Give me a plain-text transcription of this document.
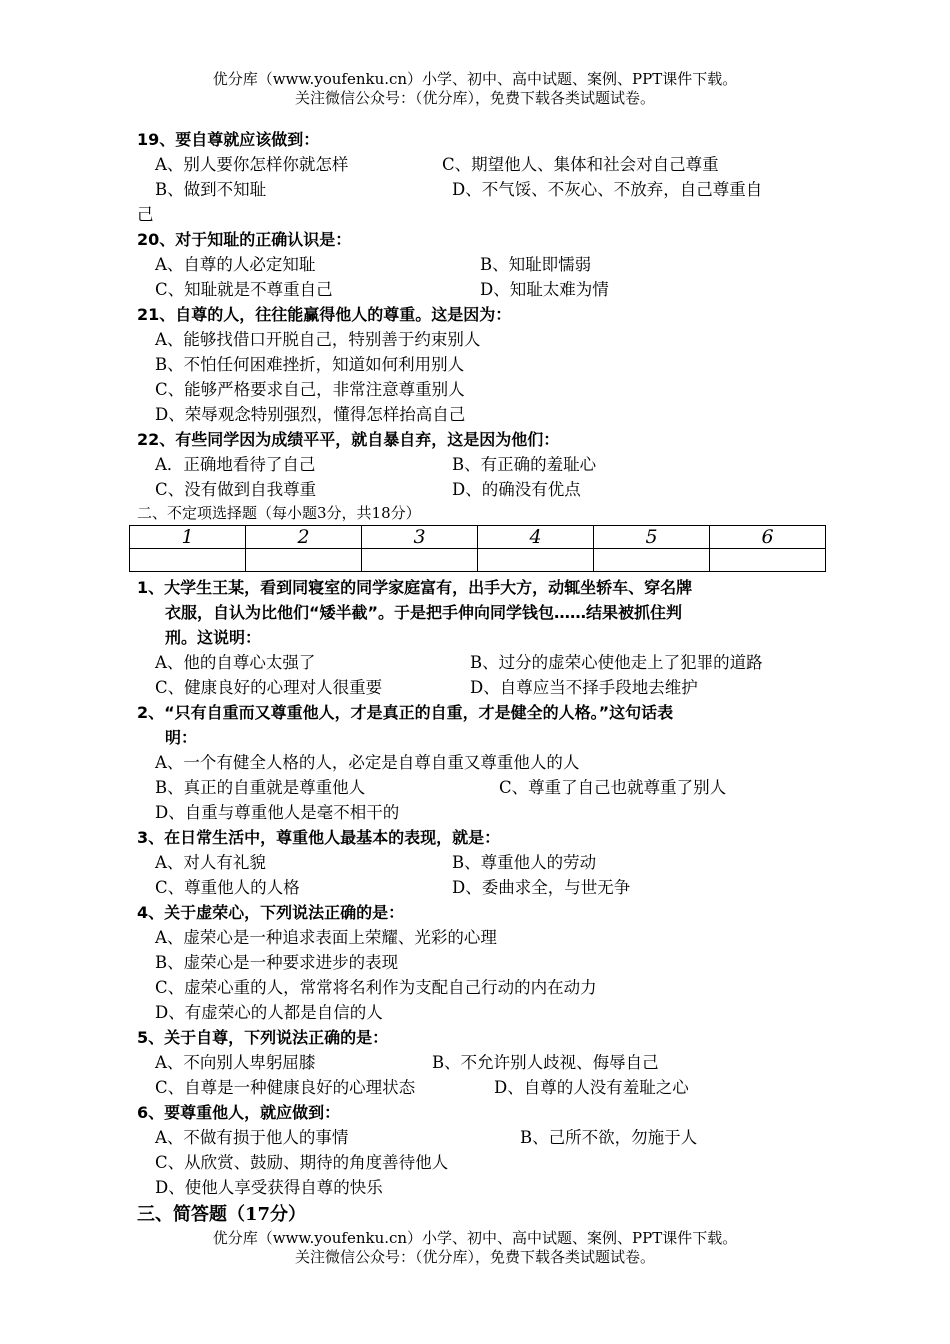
优分库（www.youfenku.cn）小学、初中、高中试题、案例、PPT课件下载。
关注微信公众号：（优分库），免费下载各类试题试卷。
19、要自尊就应该做到：
A、别人要你怎样你就怎样	C、期望他人、集体和社会对自己尊重
B、做到不知耻	D、不气馁、不灰心、不放弃，自己尊重自
己
20、对于知耻的正确认识是：
A、自尊的人必定知耻	B、知耻即懦弱
C、知耻就是不尊重自己	D、知耻太难为情
21、自尊的人，往往能赢得他人的尊重。这是因为：
A、能够找借口开脱自己，特别善于约束别人
B、不怕任何困难挫折，知道如何利用别人
C、能够严格要求自己，非常注意尊重别人
D、荣辱观念特别强烈，懂得怎样抬高自己
22、有些同学因为成绩平平，就自暴自弃，这是因为他们：
A．正确地看待了自己	B、有正确的羞耻心
C、没有做到自我尊重	D、的确没有优点
二、不定项选择题（每小题3分，共18分）
1	2	3	4	5	6

1、大学生王某，看到同寝室的同学家庭富有，出手大方，动辄坐轿车、穿名牌
衣服，自认为比他们“矮半截”。于是把手伸向同学钱包……结果被抓住判
刑。这说明：
A、他的自尊心太强了	B、过分的虚荣心使他走上了犯罪的道路
C、健康良好的心理对人很重要	D、自尊应当不择手段地去维护
2、“只有自重而又尊重他人，才是真正的自重，才是健全的人格。”这句话表
明：
A、一个有健全人格的人，必定是自尊自重又尊重他人的人
B、真正的自重就是尊重他人	C、尊重了自己也就尊重了别人
D、自重与尊重他人是毫不相干的
3、在日常生活中，尊重他人最基本的表现，就是：
A、对人有礼貌	B、尊重他人的劳动
C、尊重他人的人格	D、委曲求全，与世无争
4、关于虚荣心，下列说法正确的是：
A、虚荣心是一种追求表面上荣耀、光彩的心理
B、虚荣心是一种要求进步的表现
C、虚荣心重的人，常常将名利作为支配自己行动的内在动力
D、有虚荣心的人都是自信的人
5、关于自尊，下列说法正确的是：
A、不向别人卑躬屈膝	B、不允许别人歧视、侮辱自己
C、自尊是一种健康良好的心理状态	D、自尊的人没有羞耻之心
6、要尊重他人，就应做到：
A、不做有损于他人的事情	B、己所不欲，勿施于人
C、从欣赏、鼓励、期待的角度善待他人
D、使他人享受获得自尊的快乐
三、简答题（17分）
优分库（www.youfenku.cn）小学、初中、高中试题、案例、PPT课件下载。
关注微信公众号：（优分库），免费下载各类试题试卷。
